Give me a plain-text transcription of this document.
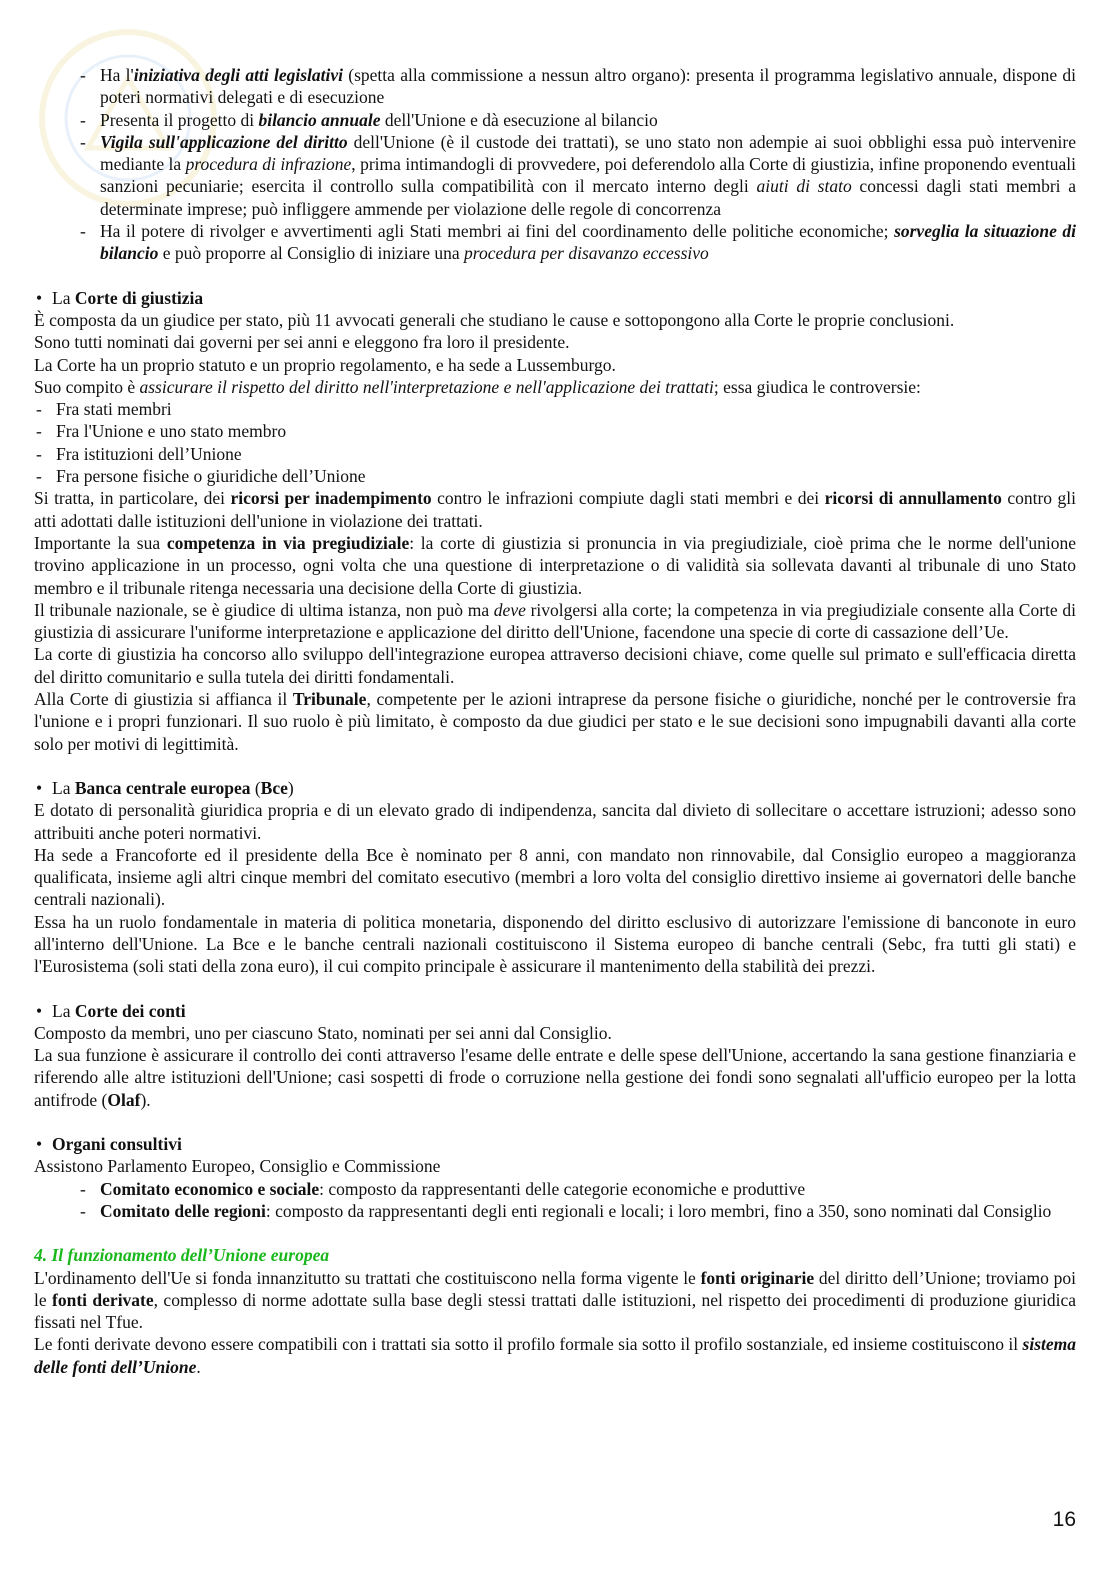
- Ha l'iniziativa degli atti legislativi (spetta alla commissione a nessun altro organo): presenta il programma legislativo annuale, dispone di poteri normativi delegati e di esecuzione
- Presenta il progetto di bilancio annuale dell'Unione e dà esecuzione al bilancio
- Vigila sull'applicazione del diritto dell'Unione (è il custode dei trattati), se uno stato non adempie ai suoi obblighi essa può intervenire mediante la procedura di infrazione, prima intimandogli di provvedere, poi deferendolo alla Corte di giustizia, infine proponendo eventuali sanzioni pecuniarie; esercita il controllo sulla compatibilità con il mercato interno degli aiuti di stato concessi dagli stati membri a determinate imprese; può infliggere ammende per violazione delle regole di concorrenza
- Ha il potere di rivolger e avvertimenti agli Stati membri ai fini del coordinamento delle politiche economiche; sorveglia la situazione di bilancio e può proporre al Consiglio di iniziare una procedura per disavanzo eccessivo

• La Corte di giustizia

È composta da un giudice per stato, più 11 avvocati generali che studiano le cause e sottopongono alla Corte le proprie conclusioni.

Sono tutti nominati dai governi per sei anni e eleggono fra loro il presidente.

La Corte ha un proprio statuto e un proprio regolamento, e ha sede a Lussemburgo.

Suo compito è assicurare il rispetto del diritto nell'interpretazione e nell'applicazione dei trattati; essa giudica le controversie:

- Fra stati membri
- Fra l'Unione e uno stato membro
- Fra istituzioni dell’Unione
- Fra persone fisiche o giuridiche dell’Unione

Si tratta, in particolare, dei ricorsi per inadempimento contro le infrazioni compiute dagli stati membri e dei ricorsi di annullamento contro gli atti adottati dalle istituzioni dell'unione in violazione dei trattati.

Importante la sua competenza in via pregiudiziale: la corte di giustizia si pronuncia in via pregiudiziale, cioè prima che le norme dell'unione trovino applicazione in un processo, ogni volta che una questione di interpretazione o di validità sia sollevata davanti al tribunale di uno Stato membro e il tribunale ritenga necessaria una decisione della Corte di giustizia.

Il tribunale nazionale, se è giudice di ultima istanza, non può ma deve rivolgersi alla corte; la competenza in via pregiudiziale consente alla Corte di giustizia di assicurare l'uniforme interpretazione e applicazione del diritto dell'Unione, facendone una specie di corte di cassazione dell’Ue.

La corte di giustizia ha concorso allo sviluppo dell'integrazione europea attraverso decisioni chiave, come quelle sul primato e sull'efficacia diretta del diritto comunitario e sulla tutela dei diritti fondamentali.

Alla Corte di giustizia si affianca il Tribunale, competente per le azioni intraprese da persone fisiche o giuridiche, nonché per le controversie fra l'unione e i propri funzionari. Il suo ruolo è più limitato, è composto da due giudici per stato e le sue decisioni sono impugnabili davanti alla corte solo per motivi di legittimità.

• La Banca centrale europea (Bce)

E dotato di personalità giuridica propria e di un elevato grado di indipendenza, sancita dal divieto di sollecitare o accettare istruzioni; adesso sono attribuiti anche poteri normativi.

Ha sede a Francoforte ed il presidente della Bce è nominato per 8 anni, con mandato non rinnovabile, dal Consiglio europeo a maggioranza qualificata, insieme agli altri cinque membri del comitato esecutivo (membri a loro volta del consiglio direttivo insieme ai governatori delle banche centrali nazionali).

Essa ha un ruolo fondamentale in materia di politica monetaria, disponendo del diritto esclusivo di autorizzare l'emissione di banconote in euro all'interno dell'Unione. La Bce e le banche centrali nazionali costituiscono il Sistema europeo di banche centrali (Sebc, fra tutti gli stati) e l'Eurosistema (soli stati della zona euro), il cui compito principale è assicurare il mantenimento della stabilità dei prezzi.

• La Corte dei conti

Composto da membri, uno per ciascuno Stato, nominati per sei anni dal Consiglio.

La sua funzione è assicurare il controllo dei conti attraverso l'esame delle entrate e delle spese dell'Unione, accertando la sana gestione finanziaria e riferendo alle altre istituzioni dell'Unione; casi sospetti di frode o corruzione nella gestione dei fondi sono segnalati all'ufficio europeo per la lotta antifrode (Olaf).

• Organi consultivi

Assistono Parlamento Europeo, Consiglio e Commissione

- Comitato economico e sociale: composto da rappresentanti delle categorie economiche e produttive
- Comitato delle regioni: composto da rappresentanti degli enti regionali e locali; i loro membri, fino a 350, sono nominati dal Consiglio

4. Il funzionamento dell’Unione europea

L'ordinamento dell'Ue si fonda innanzitutto su trattati che costituiscono nella forma vigente le fonti originarie del diritto dell’Unione; troviamo poi le fonti derivate, complesso di norme adottate sulla base degli stessi trattati dalle istituzioni, nel rispetto dei procedimenti di produzione giuridica fissati nel Tfue.

Le fonti derivate devono essere compatibili con i trattati sia sotto il profilo formale sia sotto il profilo sostanziale, ed insieme costituiscono il sistema delle fonti dell’Unione.

16
